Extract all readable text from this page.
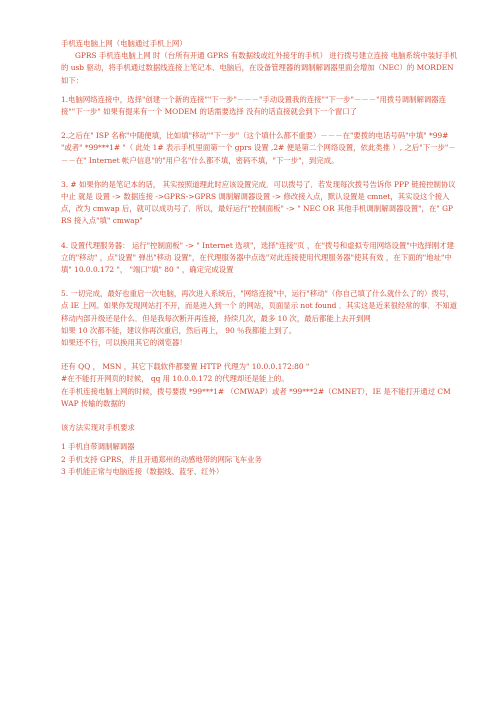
手机连电脑上网（电脑通过手机上网）

GPRS 手机连电脑上网 时（台所有开通 GPRS 有数据线或红外接牙的手机） 进行拨号建立连接 电脑系统中装好手机的 usb 驱动，将手机通过数据线连接上笔记本、电脑后，在设备管理器的调制解调器里面会增加（NEC）的 MORDEN

如下：

1.电脑网络连接中，选择"创建一个新的连接""下一步"－－－"手动设置我的连接""下一步"－－－"用拨号调制解调器连接""下一步" 如果有提来有一个 MODEM 的话需要选择 没有的话直接就会到下一个窗口了

2.之后在" ISP 名称"中随便填，比如填"移动""下一步"（这个填什么都不重要）－－－在"要拨的电话号码"中填" *99# "或者" *99***1# "（ 此处 1# 表示手机里面第一个 gprs 设置 ,2# 便是第二个网络设置，依此类推 ）, 之后"下一步"－－－在" Internet 帐户信息"的"用户名"什么都不填，密码不填，"下一步"，到完成。

3. # 如果你的是笔记本的话， 其实按照道理此时应该设置完成．可以拨号了．若发现每次拨号告诉你 PPP 链接控制协议中止 就是 设置 -> 数据连接 ->GPRS->GPRS 调制解调器设置 -> 修改接入点，默认设置是 cmnet，其实设这个接入点，改为 cmwap 后，就可以成功号了．所以，最好运行"控制面板" -> " NEC OR 其他手机调制解调器设置"，在" GPRS 接入点"填" cmwap"

4. 设置代理服务器： 运行"控制面板" -> " Internet 选项"，选择"连接"页 ，在"拨号和虚拟专用网络设置"中选择刚才建立的"移动" ，点"设置" 弹出"移动 设置"，在代理服务器中点选"对此连接使用代理服务器"使其有效 ，在下面的"地址"中填" 10.0.0.172 "， "端口"填" 80 " ，确定完成设置

5. 一切完成，最好也重启一次电脑，再次进入系统后，"网络连接"中，运行"移动"（你自己填了什么就什么了的）拨号，点 IE 上网。如果你发现网站打不开，而是进入到一个 的网站，页面显示 not found ．其实这是近来很经常的事．不知道移动内部升级还是什么．但是我每次断开再连接，持续几次，最多 10 次，最后都能上去开到网

如果 10 次都不能，建议你再次重启，然后再上， 90 ％我都能上到了。

如果还不行，可以换用其它的浏览器！

还有 QQ ， MSN ，其它下载软件都要置 HTTP 代理为" 10.0.0.172:80 "

#在不能打开网页的时候， qq 用 10.0.0.172 的代理却还是能上的。

在手机连接电脑上网的时候，拨号要拨 *99***1# （CMWAP）或者 *99***2#（CMNET），IE 是不能打开通过 CMWAP 传输的数据的

该方法实现对手机要求

1 手机自带调制解调器

2 手机支持 GPRS，并且开通郑州的动感地带的网际飞车业务

3 手机能正常与电脑连接（数据线、蓝牙、红外）
